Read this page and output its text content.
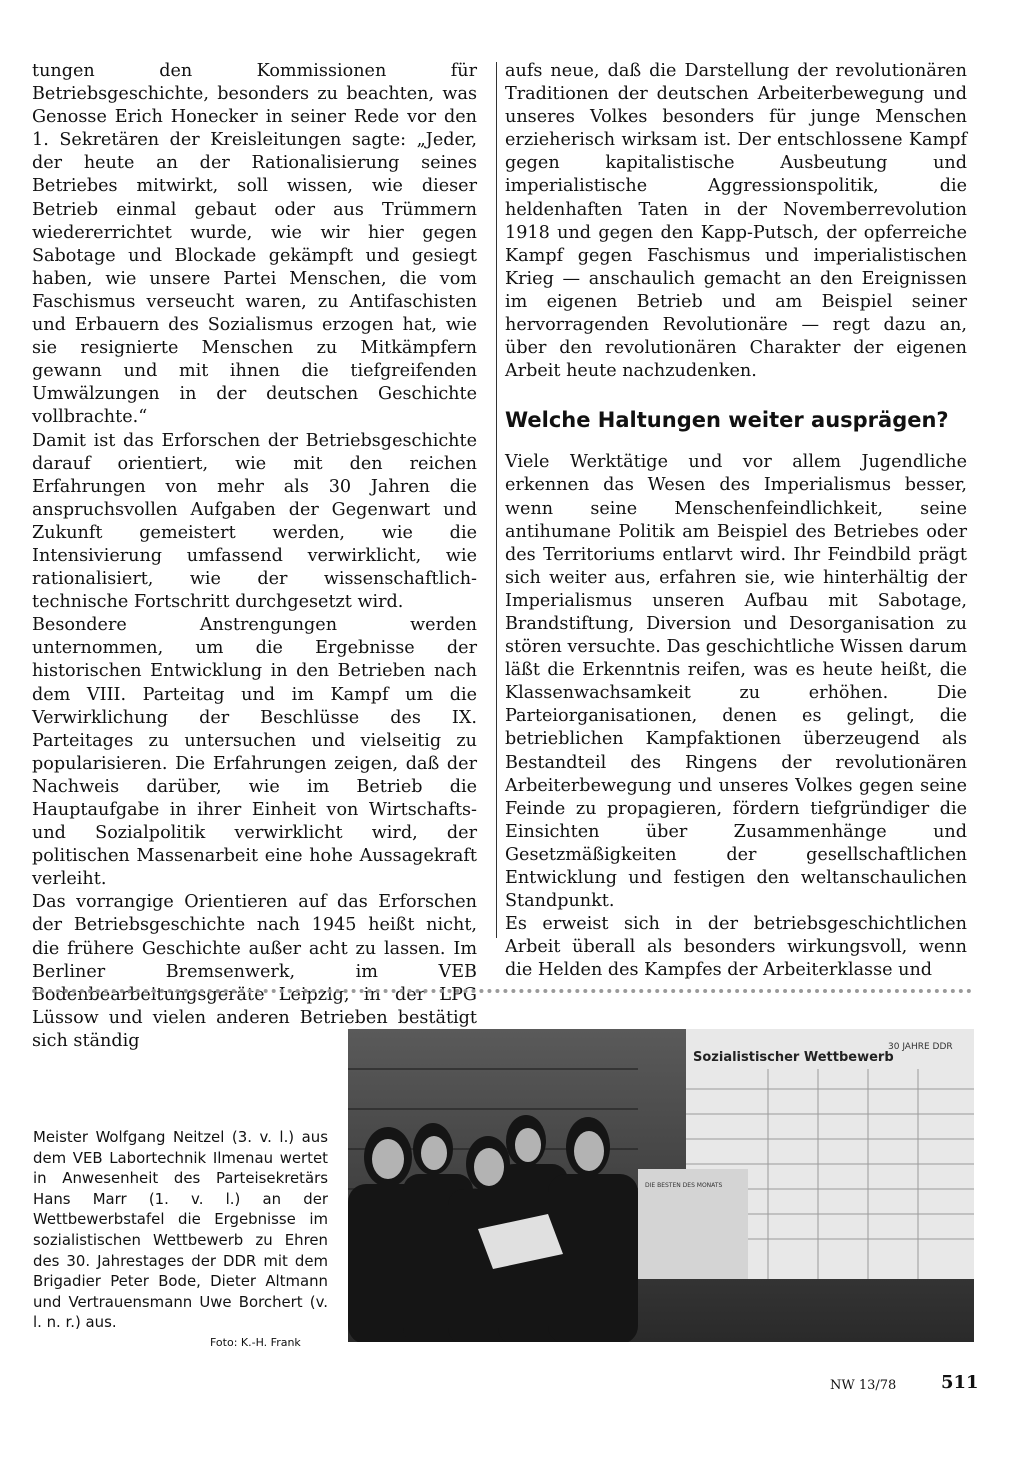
tungen den Kommissionen für Betriebsgeschichte, besonders zu beachten, was Genosse Erich Honecker in seiner Rede vor den 1. Sekretären der Kreisleitungen sagte: „Jeder, der heute an der Rationalisierung seines Betriebes mitwirkt, soll wissen, wie dieser Betrieb einmal gebaut oder aus Trümmern wiedererrichtet wurde, wie wir hier gegen Sabotage und Blockade gekämpft und gesiegt haben, wie unsere Partei Menschen, die vom Faschismus verseucht waren, zu Antifaschisten und Erbauern des Sozialismus erzogen hat, wie sie resignierte Menschen zu Mitkämpfern gewann und mit ihnen die tiefgreifenden Umwälzungen in der deutschen Geschichte vollbrachte.“

Damit ist das Erforschen der Betriebsgeschichte darauf orientiert, wie mit den reichen Erfahrungen von mehr als 30 Jahren die anspruchsvollen Aufgaben der Gegenwart und Zukunft gemeistert werden, wie die Intensivierung umfassend verwirklicht, wie rationalisiert, wie der wissenschaftlich-technische Fortschritt durchgesetzt wird.

Besondere Anstrengungen werden unternommen, um die Ergebnisse der historischen Entwicklung in den Betrieben nach dem VIII. Parteitag und im Kampf um die Verwirklichung der Beschlüsse des IX. Parteitages zu untersuchen und vielseitig zu popularisieren. Die Erfahrungen zeigen, daß der Nachweis darüber, wie im Betrieb die Hauptaufgabe in ihrer Einheit von Wirtschafts- und Sozialpolitik verwirklicht wird, der politischen Massenarbeit eine hohe Aussagekraft verleiht.

Das vorrangige Orientieren auf das Erforschen der Betriebsgeschichte nach 1945 heißt nicht, die frühere Geschichte außer acht zu lassen. Im Berliner Bremsenwerk, im VEB Bodenbearbeitungsgeräte Leipzig, in der LPG Lüssow und vielen anderen Betrieben bestätigt sich ständig

aufs neue, daß die Darstellung der revolutionären Traditionen der deutschen Arbeiterbewegung und unseres Volkes besonders für junge Menschen erzieherisch wirksam ist. Der entschlossene Kampf gegen kapitalistische Ausbeutung und imperialistische Aggressionspolitik, die heldenhaften Taten in der Novemberrevolution 1918 und gegen den Kapp-Putsch, der opferreiche Kampf gegen Faschismus und imperialistischen Krieg — anschaulich gemacht an den Ereignissen im eigenen Betrieb und am Beispiel seiner hervorragenden Revolutionäre — regt dazu an, über den revolutionären Charakter der eigenen Arbeit heute nachzudenken.

Welche Haltungen weiter ausprägen?

Viele Werktätige und vor allem Jugendliche erkennen das Wesen des Imperialismus besser, wenn seine Menschenfeindlichkeit, seine antihumane Politik am Beispiel des Betriebes oder des Territoriums entlarvt wird. Ihr Feindbild prägt sich weiter aus, erfahren sie, wie hinterhältig der Imperialismus unseren Aufbau mit Sabotage, Brandstiftung, Diversion und Desorganisation zu stören versuchte. Das geschichtliche Wissen darum läßt die Erkenntnis reifen, was es heute heißt, die Klassenwachsamkeit zu erhöhen. Die Parteiorganisationen, denen es gelingt, die betrieblichen Kampfaktionen überzeugend als Bestandteil des Ringens der revolutionären Arbeiterbewegung und unseres Volkes gegen seine Feinde zu propagieren, fördern tiefgründiger die Einsichten über Zusammenhänge und Gesetzmäßigkeiten der gesellschaftlichen Entwicklung und festigen den weltanschaulichen Standpunkt.

Es erweist sich in der betriebsgeschichtlichen Arbeit überall als besonders wirkungsvoll, wenn die Helden des Kampfes der Arbeiterklasse und

Meister Wolfgang Neitzel (3. v. l.) aus dem VEB Labortechnik Ilmenau wertet in Anwesenheit des Parteisekretärs Hans Marr (1. v. l.) an der Wettbewerbstafel die Ergebnisse im sozialistischen Wettbewerb zu Ehren des 30. Jahrestages der DDR mit dem Brigadier Peter Bode, Dieter Altmann und Vertrauensmann Uwe Borchert (v. l. n. r.) aus.
Foto: K.-H. Frank
Sozialistischer Wettbewerb
30 JAHRE DDR
DIE BESTEN DES MONATS
NW 13/78 511
